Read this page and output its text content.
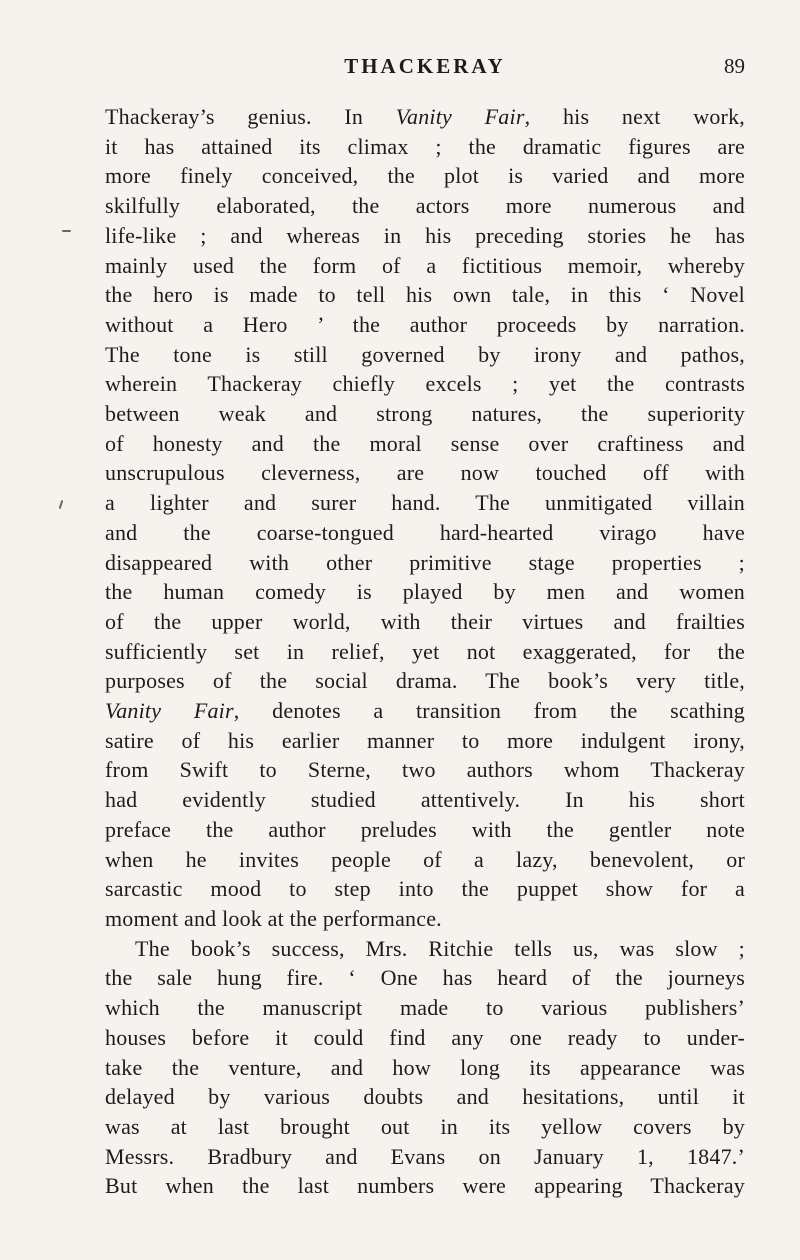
THACKERAY	89
Thackeray’s genius. In Vanity Fair, his next work,
it has attained its climax ; the dramatic figures are
more finely conceived, the plot is varied and more
skilfully elaborated, the actors more numerous and
life-like ; and whereas in his preceding stories he has
mainly used the form of a fictitious memoir, whereby
the hero is made to tell his own tale, in this ‘ Novel
without a Hero ’ the author proceeds by narration.
The tone is still governed by irony and pathos,
wherein Thackeray chiefly excels ; yet the contrasts
between weak and strong natures, the superiority
of honesty and the moral sense over craftiness and
unscrupulous cleverness, are now touched off with
a lighter and surer hand. The unmitigated villain
and the coarse-tongued hard-hearted virago have
disappeared with other primitive stage properties ;
the human comedy is played by men and women
of the upper world, with their virtues and frailties
sufficiently set in relief, yet not exaggerated, for the
purposes of the social drama. The book’s very title,
Vanity Fair, denotes a transition from the scathing
satire of his earlier manner to more indulgent irony,
from Swift to Sterne, two authors whom Thackeray
had evidently studied attentively. In his short
preface the author preludes with the gentler note
when he invites people of a lazy, benevolent, or
sarcastic mood to step into the puppet show for a
moment and look at the performance.
The book’s success, Mrs. Ritchie tells us, was slow ;
the sale hung fire. ‘ One has heard of the journeys
which the manuscript made to various publishers’
houses before it could find any one ready to under-
take the venture, and how long its appearance was
delayed by various doubts and hesitations, until it
was at last brought out in its yellow covers by
Messrs. Bradbury and Evans on January 1, 1847.’
But when the last numbers were appearing Thackeray
